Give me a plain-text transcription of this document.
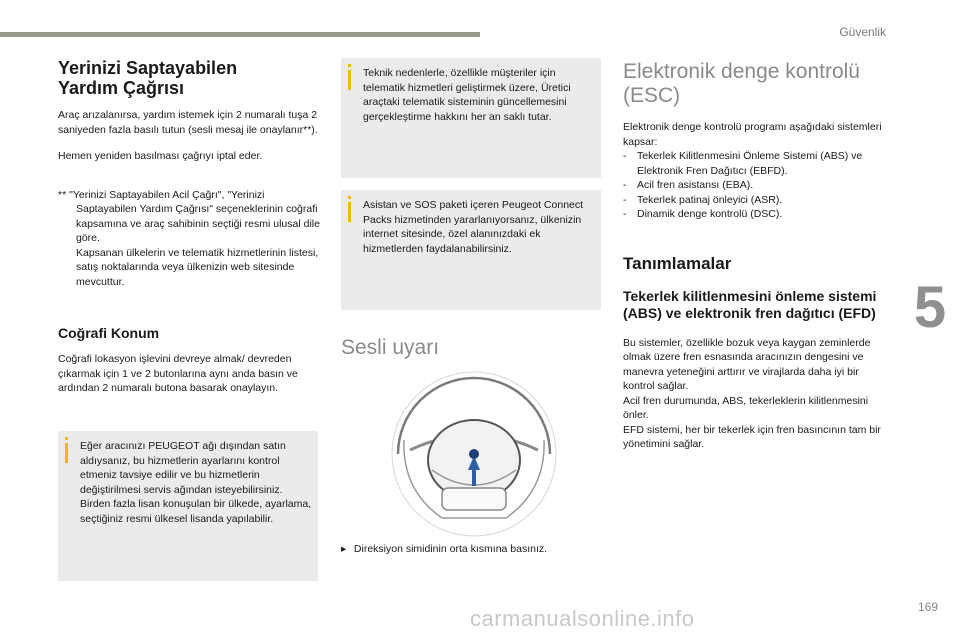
Güvenlik
5
169
carmanualsonline.info
Yerinizi Saptayabilen
Yardım Çağrısı

Araç arızalanırsa, yardım istemek için 2 numaralı tuşa 2 saniyeden fazla basılı tutun (sesli mesaj ile onaylanır**).

Hemen yeniden basılması çağrıyı iptal eder.

** "Yerinizi Saptayabilen Acil Çağrı", "Yerinizi Saptayabilen Yardım Çağrısı" seçeneklerinin coğrafi kapsamına ve araç sahibinin seçtiği resmi ulusal dile göre.
Kapsanan ülkelerin ve telematik hizmetlerinin listesi, satış noktalarında veya ülkenizin web sitesinde mevcuttur.
Coğrafi Konum

Coğrafi lokasyon işlevini devreye almak/ devreden çıkarmak için 1 ve 2 butonlarına aynı anda basın ve ardından 2 numaralı butona basarak onaylayın.

Eğer aracınızı PEUGEOT ağı dışından satın aldıysanız, bu hizmetlerin ayarlarını kontrol etmeniz tavsiye edilir ve bu hizmetlerin değiştirilmesi servis ağından isteyebilirsiniz. Birden fazla lisan konuşulan bir ülkede, ayarlama, seçtiğiniz resmi ülkesel lisanda yapılabilir.
Teknik nedenlerle, özellikle müşteriler için telematik hizmetleri geliştirmek üzere, Üretici araçtaki telematik sisteminin güncellemesini gerçekleştirme hakkını her an saklı tutar.
Asistan ve SOS paketi içeren Peugeot Connect Packs hizmetinden yararlanıyorsanız, ülkenizin internet sitesinde, özel alanınızdaki ek hizmetlerden faydalanabilirsiniz.
Sesli uyarı
▸ Direksiyon simidinin orta kısmına basınız.
Elektronik denge kontrolü
(ESC)
Elektronik denge kontrolü programı aşağıdaki sistemleri kapsar:
-	Tekerlek Kilitlenmesini Önleme Sistemi (ABS) ve Elektronik Fren Dağıtıcı (EBFD).
-	Acil fren asistansı (EBA).
-	Tekerlek patinaj önleyici (ASR).
-	Dinamik denge kontrolü (DSC).
Tanımlamalar
Tekerlek kilitlenmesini önleme sistemi (ABS) ve elektronik fren dağıtıcı (EFD)
Bu sistemler, özellikle bozuk veya kaygan zeminlerde olmak üzere fren esnasında aracınızın dengesini ve manevra yeteneğini arttırır ve virajlarda daha iyi bir kontrol sağlar.
Acil fren durumunda, ABS, tekerleklerin kilitlenmesini önler.
EFD sistemi, her bir tekerlek için fren basıncının tam bir yönetimini sağlar.
